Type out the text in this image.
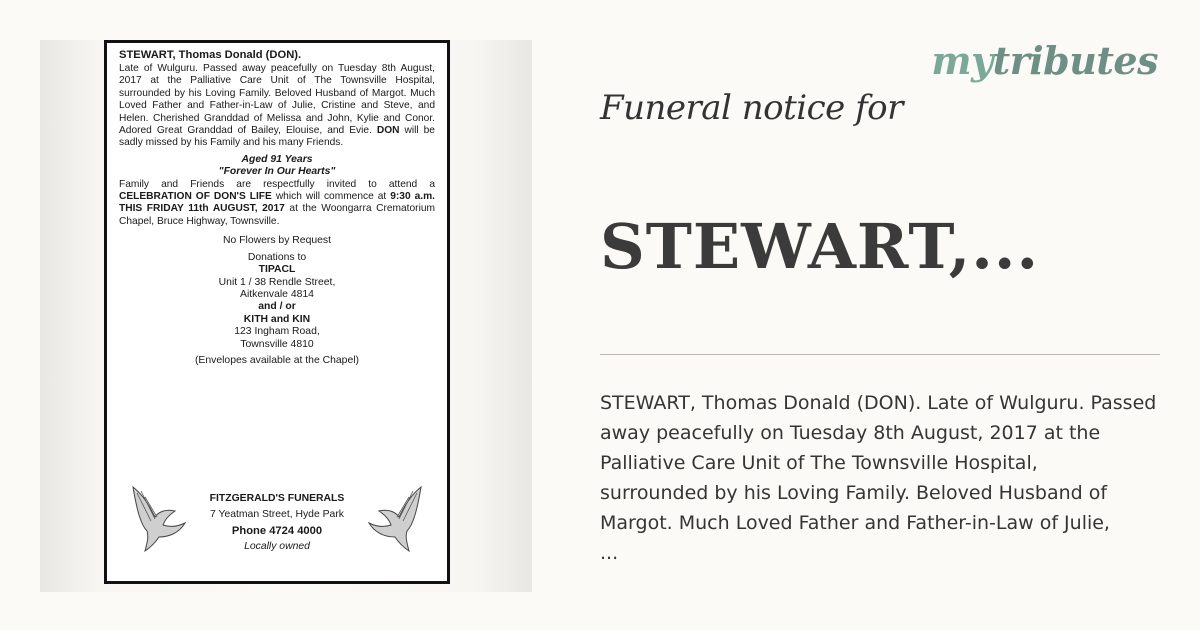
STEWART, Thomas Donald (DON).

Late of Wulguru. Passed away peacefully on Tuesday 8th August, 2017 at the Palliative Care Unit of The Townsville Hospital, surrounded by his Loving Family. Beloved Husband of Margot. Much Loved Father and Father-in-Law of Julie, Cristine and Steve, and Helen. Cherished Granddad of Melissa and John, Kylie and Conor. Adored Great Granddad of Bailey, Elouise, and Evie. DON will be sadly missed by his Family and his many Friends.

Aged 91 Years

"Forever In Our Hearts"

Family and Friends are respectfully invited to attend a CELEBRATION OF DON'S LIFE which will commence at 9:30 a.m. THIS FRIDAY 11th AUGUST, 2017 at the Woongarra Crematorium Chapel, Bruce Highway, Townsville.

No Flowers by Request

Donations to

TIPACL

Unit 1 / 38 Rendle Street,

Aitkenvale 4814

and / or

KITH and KIN

123 Ingham Road,

Townsville 4810

(Envelopes available at the Chapel)

FITZGERALD'S FUNERALS
7 Yeatman Street, Hyde Park
Phone 4724 4000
Locally owned
mytributes
Funeral notice for
STEWART,...
STEWART, Thomas Donald (DON). Late of Wulguru. Passed
away peacefully on Tuesday 8th August, 2017 at the
Palliative Care Unit of The Townsville Hospital,
surrounded by his Loving Family. Beloved Husband of
Margot. Much Loved Father and Father-in-Law of Julie,
...
